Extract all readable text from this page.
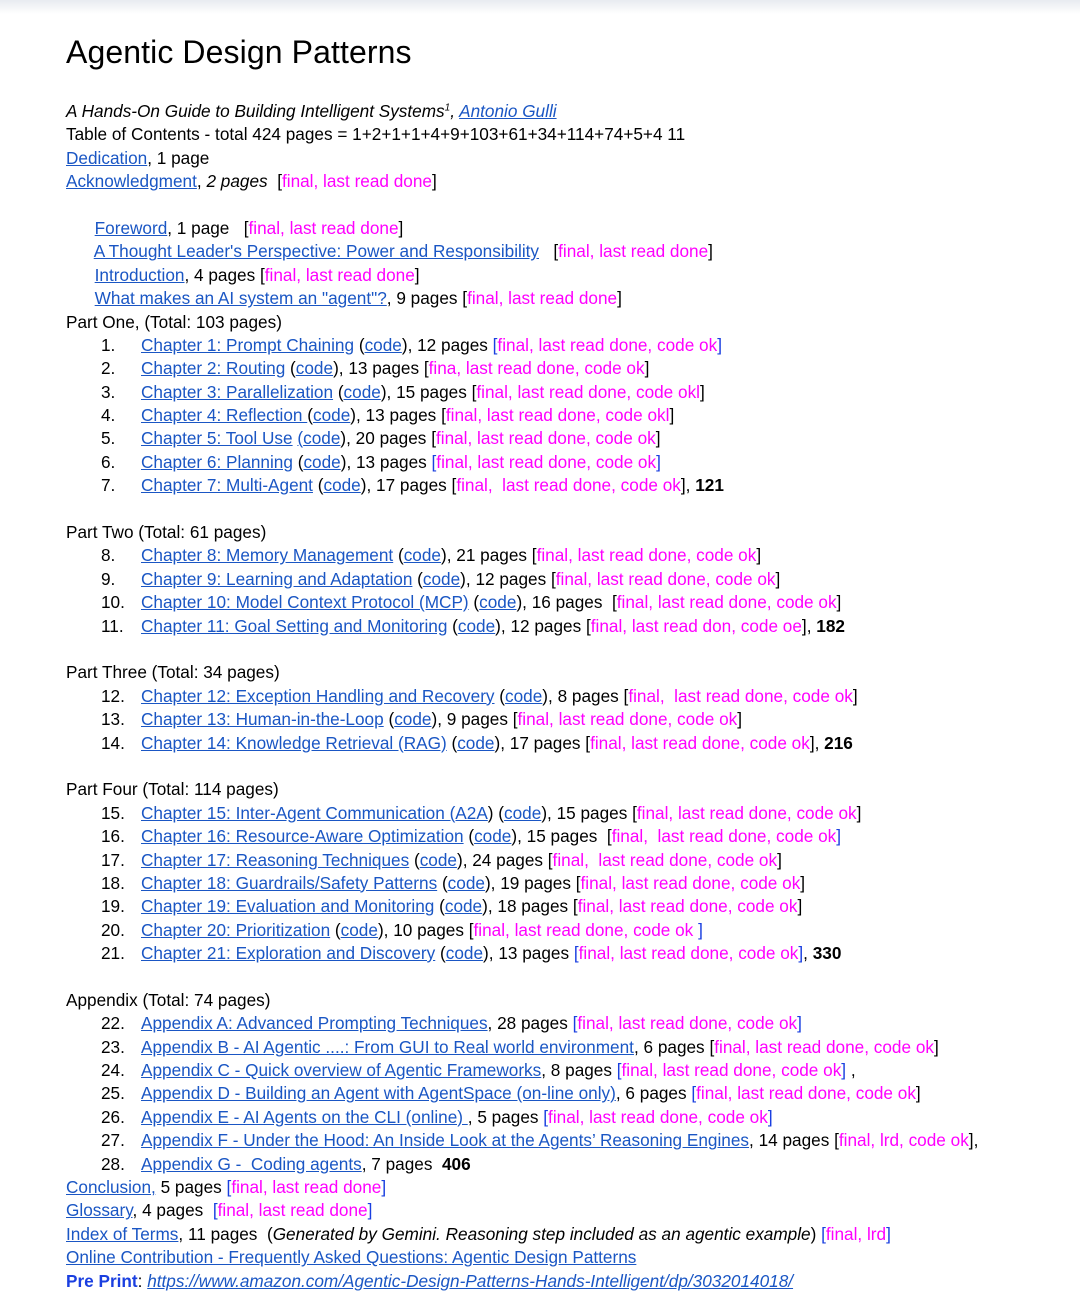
Agentic Design Patterns
A Hands-On Guide to Building Intelligent Systems$^1$, Antonio Gulli
Table of Contents - total 424 pages = 1+2+1+1+4+9+103+61+34+114+74+5+4 11
Dedication, 1 page
Acknowledgment, 2 pages [final, last read done]

Foreword, 1 page   [final, last read done]

A Thought Leader's Perspective: Power and Responsibility [final, last read done]

Introduction, 4 pages [final, last read done]

What makes an AI system an "agent"?, 9 pages [final, last read done]

Part One, (Total: 103 pages)
1. Chapter 1: Prompt Chaining (code), 12 pages [final, last read done, code ok]
2. Chapter 2: Routing (code), 13 pages [fina, last read done, code ok]
3. Chapter 3: Parallelization (code), 15 pages [final, last read done, code okl]
4. Chapter 4: Reflection (code), 13 pages [final, last read done, code okl]
5. Chapter 5: Tool Use (code), 20 pages [final, last read done, code ok]
6. Chapter 6: Planning (code), 13 pages [final, last read done, code ok]
7. Chapter 7: Multi-Agent (code), 17 pages [final,  last read done, code ok], 121
Part Two (Total: 61 pages)
8. Chapter 8: Memory Management (code), 21 pages [final, last read done, code ok]
9. Chapter 9: Learning and Adaptation (code), 12 pages [final, last read done, code ok]
10. Chapter 10: Model Context Protocol (MCP) (code), 16 pages  [final, last read done, code ok]
11. Chapter 11: Goal Setting and Monitoring (code), 12 pages [final, last read don, code oe], 182
Part Three (Total: 34 pages)
12. Chapter 12: Exception Handling and Recovery (code), 8 pages [final,  last read done, code ok]
13. Chapter 13: Human-in-the-Loop (code), 9 pages [final, last read done, code ok]
14. Chapter 14: Knowledge Retrieval (RAG) (code), 17 pages [final, last read done, code ok], 216
Part Four (Total: 114 pages)
15. Chapter 15: Inter-Agent Communication (A2A) (code), 15 pages [final, last read done, code ok]
16. Chapter 16: Resource-Aware Optimization (code), 15 pages  [final,  last read done, code ok]
17. Chapter 17: Reasoning Techniques (code), 24 pages [final,  last read done, code ok]
18. Chapter 18: Guardrails/Safety Patterns (code), 19 pages [final, last read done, code ok]
19. Chapter 19: Evaluation and Monitoring (code), 18 pages [final, last read done, code ok]
20. Chapter 20: Prioritization (code), 10 pages [final, last read done, code ok ]
21. Chapter 21: Exploration and Discovery (code), 13 pages [final, last read done, code ok], 330
Appendix (Total: 74 pages)
22. Appendix A: Advanced Prompting Techniques, 28 pages [final, last read done, code ok]
23. Appendix B - AI Agentic ....: From GUI to Real world environment, 6 pages [final, last read done, code ok]
24. Appendix C - Quick overview of Agentic Frameworks, 8 pages [final, last read done, code ok] ,
25. Appendix D - Building an Agent with AgentSpace (on-line only), 6 pages [final, last read done, code ok]
26. Appendix E - AI Agents on the CLI (online) , 5 pages [final, last read done, code ok]
27. Appendix F - Under the Hood: An Inside Look at the Agents’ Reasoning Engines, 14 pages [final, lrd, code ok],
28. Appendix G -  Coding agents, 7 pages  406
Conclusion, 5 pages [final, last read done]
Glossary, 4 pages  [final, last read done]
Index of Terms, 11 pages  (Generated by Gemini. Reasoning step included as an agentic example) [final, lrd]
Online Contribution - Frequently Asked Questions: Agentic Design Patterns
Pre Print: https://www.amazon.com/Agentic-Design-Patterns-Hands-Intelligent/dp/3032014018/
